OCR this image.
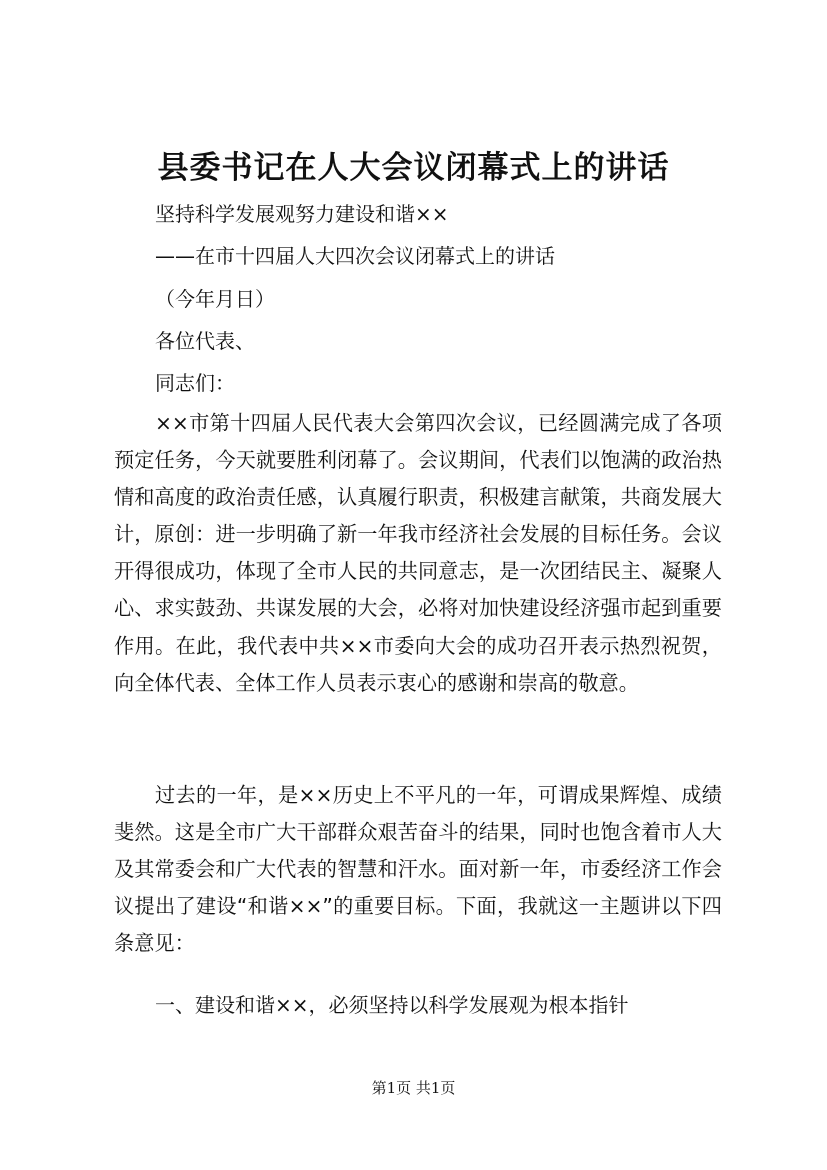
县委书记在人大会议闭幕式上的讲话

坚持科学发展观努力建设和谐××

——在市十四届人大四次会议闭幕式上的讲话

（今年月日）

各位代表、

同志们：

××市第十四届人民代表大会第四次会议，已经圆满完成了各项预定任务，今天就要胜利闭幕了。会议期间，代表们以饱满的政治热情和高度的政治责任感，认真履行职责，积极建言献策，共商发展大计，原创：进一步明确了新一年我市经济社会发展的目标任务。会议开得很成功，体现了全市人民的共同意志，是一次团结民主、凝聚人心、求实鼓劲、共谋发展的大会，必将对加快建设经济强市起到重要作用。在此，我代表中共××市委向大会的成功召开表示热烈祝贺，向全体代表、全体工作人员表示衷心的感谢和崇高的敬意。

过去的一年，是××历史上不平凡的一年，可谓成果辉煌、成绩斐然。这是全市广大干部群众艰苦奋斗的结果，同时也饱含着市人大及其常委会和广大代表的智慧和汗水。面对新一年，市委经济工作会议提出了建设“和谐××”的重要目标。下面，我就这一主题讲以下四条意见：

一、建设和谐××，必须坚持以科学发展观为根本指针

第1页 共1页
